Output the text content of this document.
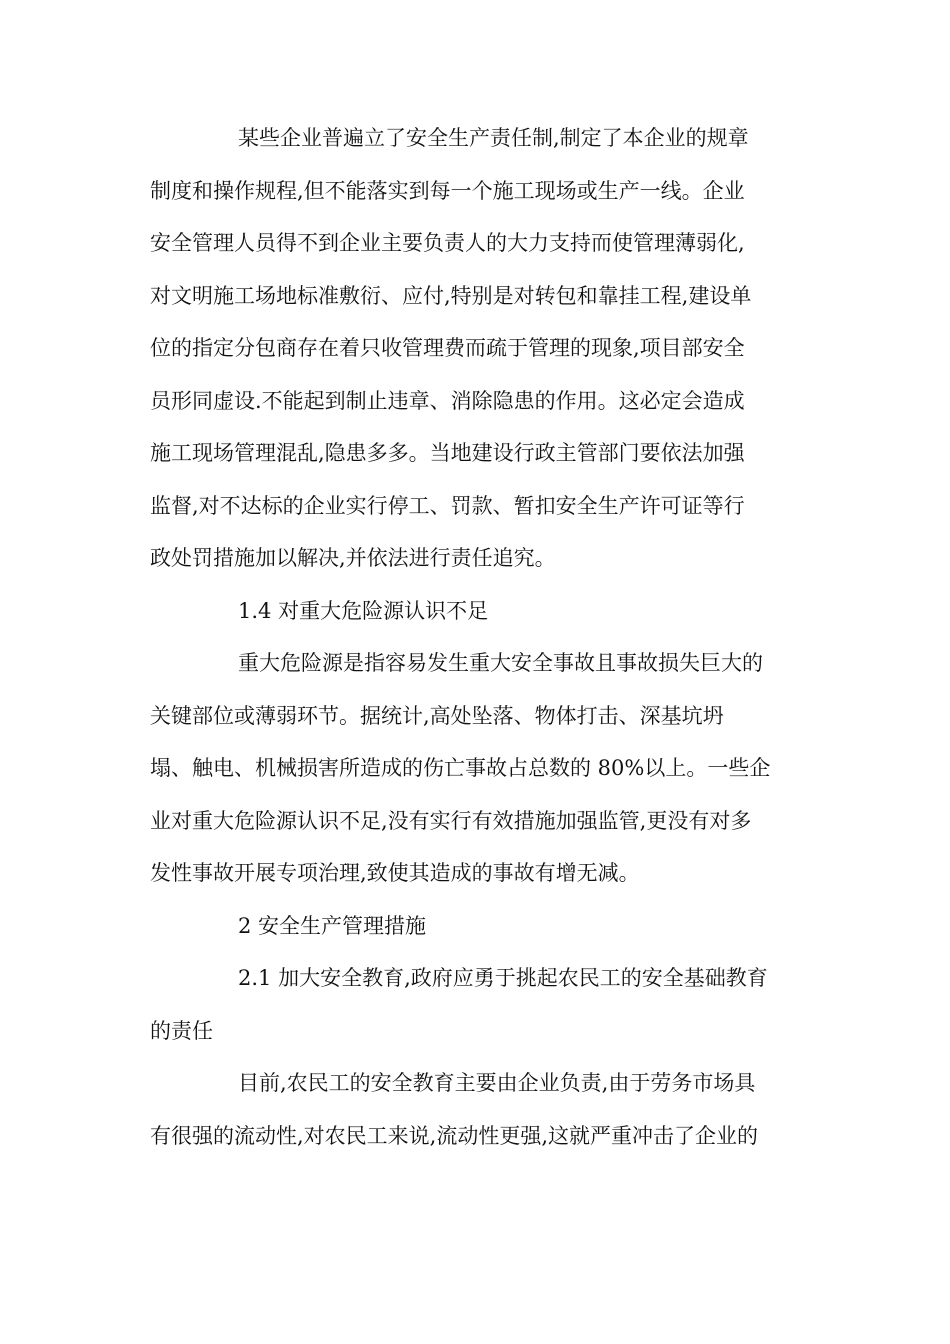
某些企业普遍立了安全生产责任制,制定了本企业的规章
制度和操作规程,但不能落实到每一个施工现场或生产一线。企业
安全管理人员得不到企业主要负责人的大力支持而使管理薄弱化,
对文明施工场地标准敷衍、应付,特别是对转包和靠挂工程,建设单
位的指定分包商存在着只收管理费而疏于管理的现象,项目部安全
员形同虚设.不能起到制止违章、消除隐患的作用。这必定会造成
施工现场管理混乱,隐患多多。当地建设行政主管部门要依法加强
监督,对不达标的企业实行停工、罚款、暂扣安全生产许可证等行
政处罚措施加以解决,并依法进行责任追究。
1.4 对重大危险源认识不足
重大危险源是指容易发生重大安全事故且事故损失巨大的
关键部位或薄弱环节。据统计,高处坠落、物体打击、深基坑坍
塌、触电、机械损害所造成的伤亡事故占总数的 80%以上。一些企
业对重大危险源认识不足,没有实行有效措施加强监管,更没有对多
发性事故开展专项治理,致使其造成的事故有增无减。
2 安全生产管理措施
2.1 加大安全教育,政府应勇于挑起农民工的安全基础教育
的责任
目前,农民工的安全教育主要由企业负责,由于劳务市场具
有很强的流动性,对农民工来说,流动性更强,这就严重冲击了企业的
